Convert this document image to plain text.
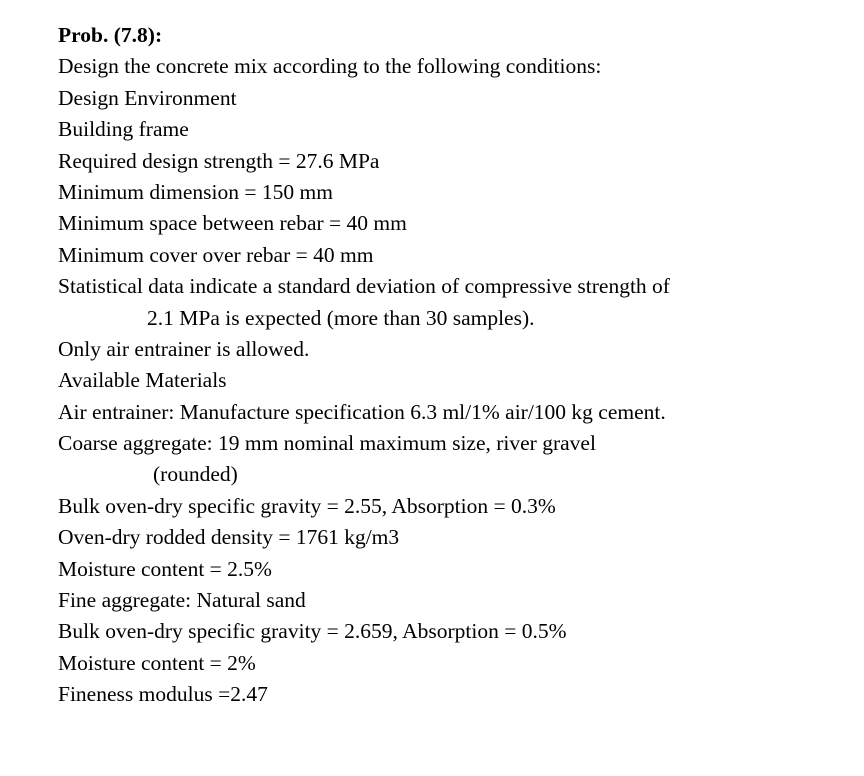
Prob. (7.8):
Design the concrete mix according to the following conditions:
Design Environment
Building frame
Required design strength = 27.6 MPa
Minimum dimension = 150 mm
Minimum space between rebar = 40 mm
Minimum cover over rebar = 40 mm
Statistical data indicate a standard deviation of compressive strength of
2.1 MPa is expected (more than 30 samples).
Only air entrainer is allowed.
Available Materials
Air entrainer: Manufacture specification 6.3 ml/1% air/100 kg cement.
Coarse aggregate: 19 mm nominal maximum size, river gravel
(rounded)
Bulk oven-dry specific gravity = 2.55, Absorption = 0.3%
Oven-dry rodded density = 1761 kg/m3
Moisture content = 2.5%
Fine aggregate: Natural sand
Bulk oven-dry specific gravity = 2.659, Absorption = 0.5%
Moisture content = 2%
Fineness modulus =2.47
